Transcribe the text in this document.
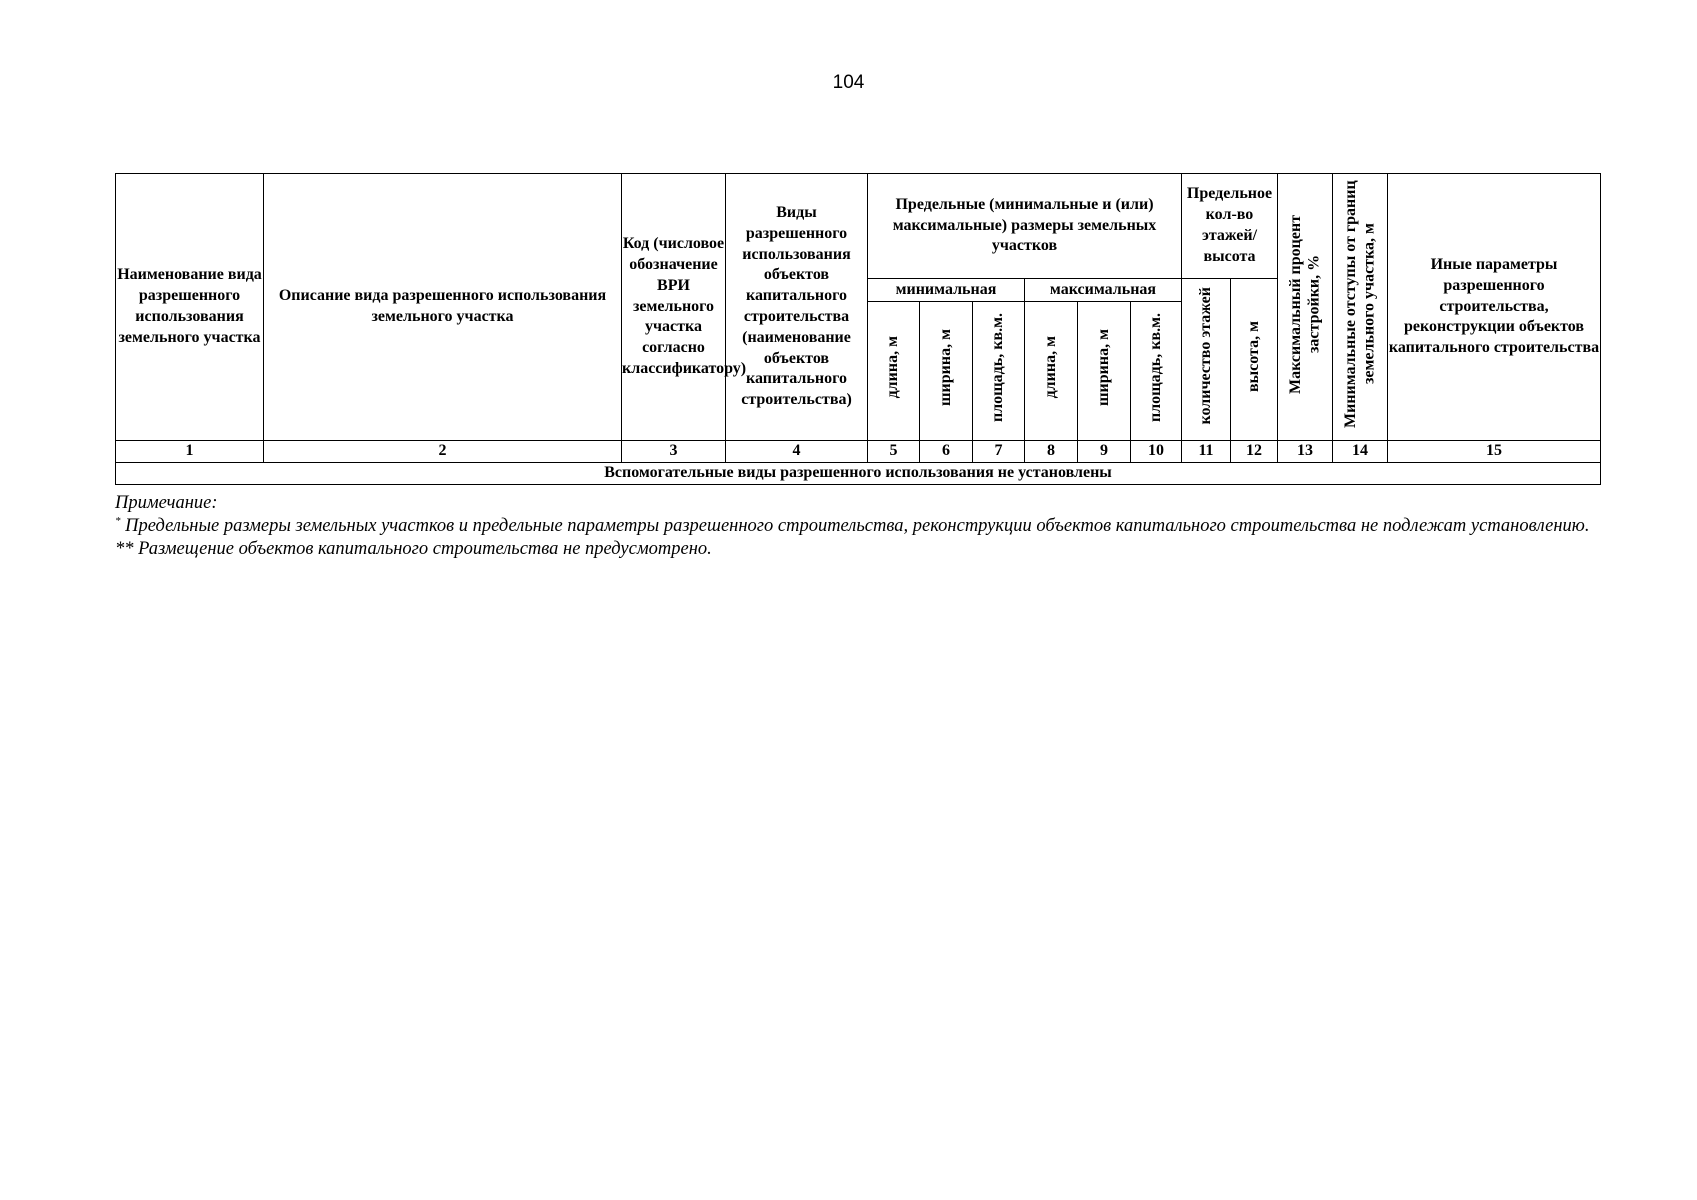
104
Наименование вида разрешенного использования земельного участка	Описание вида разрешенного использования земельного участка	Код (числовое обозначение ВРИ земельного участка согласно классификатору)	Виды разрешенного использования объектов капитального строительства (наименование объектов капитального строительства)	Предельные (минимальные и (или) максимальные) размеры земельных участков						Предельное кол-во этажей/ высота		Максимальный процент застройки, %	Минимальные отступы от границ земельного участка, м	Иные параметры разрешенного строительства, реконструкции объектов капитального строительства
				минимальная			максимальная			количество этажей	высота, м			
				длина, м	ширина, м	площадь, кв.м.	длина, м	ширина, м	площадь, кв.м.					
1	2	3	4	5	6	7	8	9	10	11	12	13	14	15
Вспомогательные виды разрешенного использования не установлены														
Примечание:
* Предельные размеры земельных участков и предельные параметры разрешенного строительства, реконструкции объектов капитального строительства не подлежат установлению.
** Размещение объектов капитального строительства не предусмотрено.
